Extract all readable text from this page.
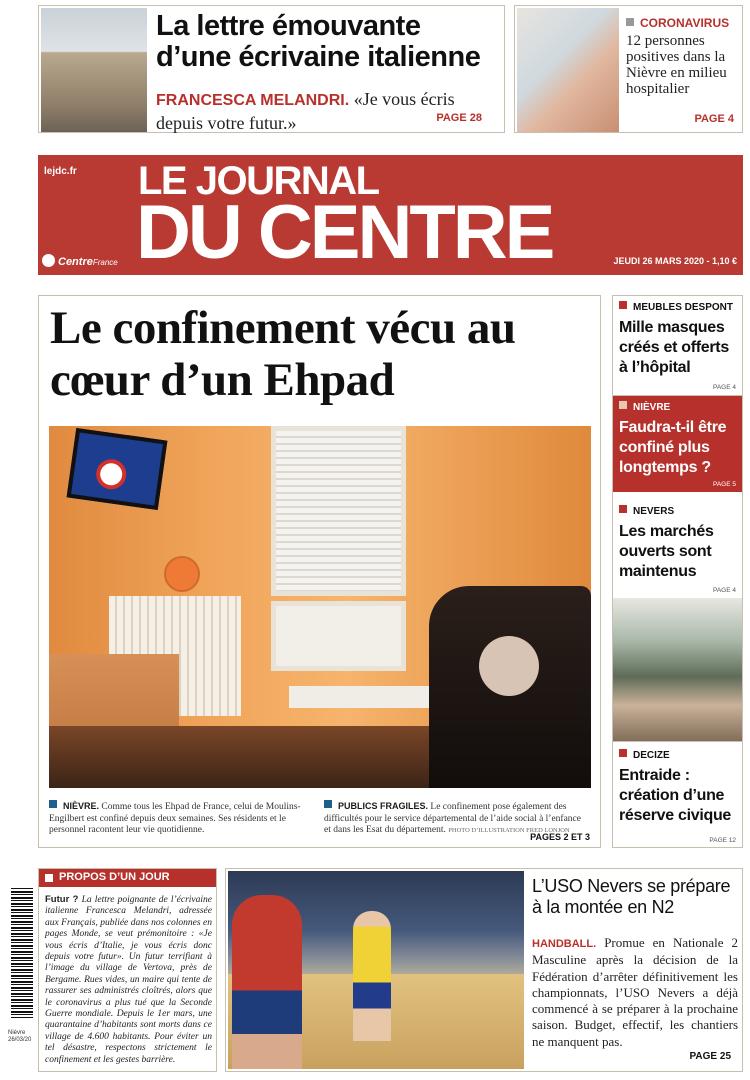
La lettre émouvante d’une écrivaine italienne
FRANCESCA MELANDRI. «Je vous écris depuis votre futur.»	PAGE 28
CORONAVIRUS
12 personnes positives dans la Nièvre en milieu hospitalier
PAGE 4
lejdc.fr LE JOURNAL
DU CENTRE
CentreFrance	JEUDI 26 MARS 2020 - 1,10 €
Le confinement vécu au cœur d’un Ehpad
NIÈVRE. Comme tous les Ehpad de France, celui de Moulins-Engilbert est confiné depuis deux semaines. Ses résidents et le personnel racontent leur vie quotidienne.
PUBLICS FRAGILES. Le confinement pose également des difficultés pour le service départemental de l’aide social à l’enfance et dans les Esat du département. PHOTO D’ILLUSTRATION FRED LONJON
PAGES 2 ET 3
MEUBLES DESPONT
Mille masques créés et offerts à l’hôpital
PAGE 4
NIÈVRE
Faudra-t-il être confiné plus longtemps ?
PAGE 5
NEVERS
Les marchés ouverts sont maintenus
PAGE 4
DECIZE
Entraide : création d’une réserve civique
PAGE 12
Nièvre 26/03/20
PROPOS D’UN JOUR
Futur ? La lettre poignante de l’écrivaine italienne Francesca Melandri, adressée aux Français, publiée dans nos colonnes en pages Monde, se veut prémonitoire : «Je vous écris d’Italie, je vous écris donc depuis votre futur». Un futur terrifiant à l’image du village de Vertova, près de Bergame. Rues vides, un maire qui tente de rassurer ses administrés cloîtrés, alors que le coronavirus a plus tué que la Seconde Guerre mondiale. Depuis le 1er mars, une quarantaine d’habitants sont morts dans ce village de 4.600 habitants. Pour éviter un tel désastre, respectons strictement le confinement et les gestes barrière.
L’USO Nevers se prépare à la montée en N2
HANDBALL. Promue en Nationale 2 Masculine après la décision de la Fédération d’arrêter définitivement les championnats, l’USO Nevers a déjà commencé à se préparer à la prochaine saison. Budget, effectif, les chantiers ne manquent pas.
PAGE 25
